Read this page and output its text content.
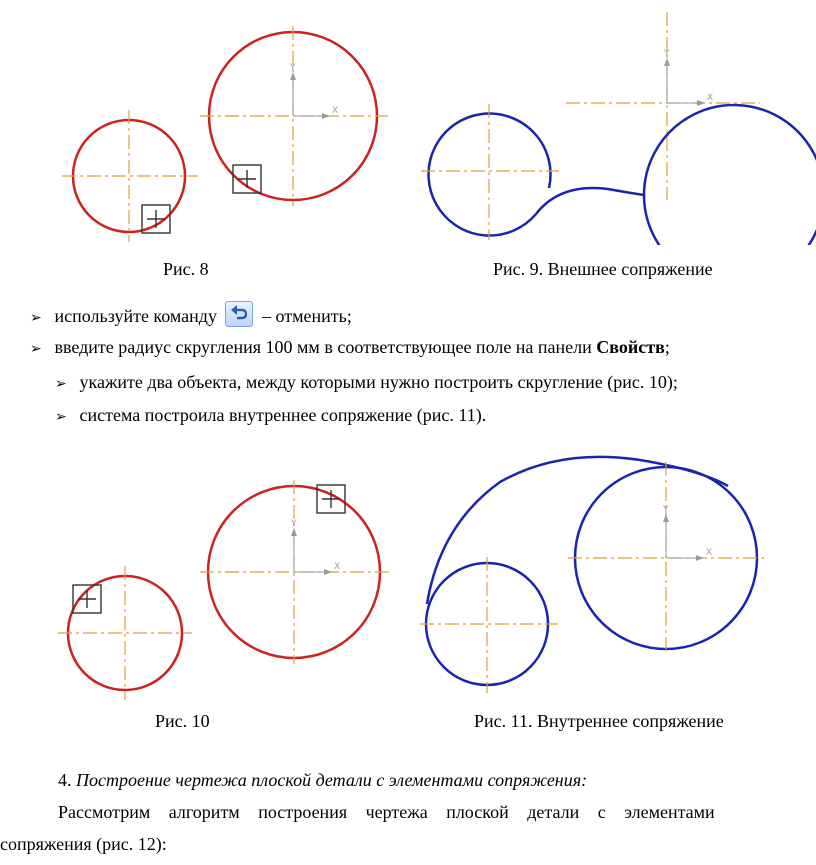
Y
X
Y
X
Рис. 8	Рис. 9. Внешнее сопряжение
➢ используйте команду	– отменить;
➢ введите радиус скругления 100 мм в соответствующее поле на панели Свойств;
➢ укажите два объекта, между которыми нужно построить скругление (рис. 10);
➢ система построила внутреннее сопряжение (рис. 11).
Y
X
Y
X
Рис. 10	Рис. 11. Внутреннее сопряжение
4. Построение чертежа плоской детали с элементами сопряжения:
Рассмотрим алгоритм построения чертежа плоской детали с элементами
сопряжения (рис. 12):
